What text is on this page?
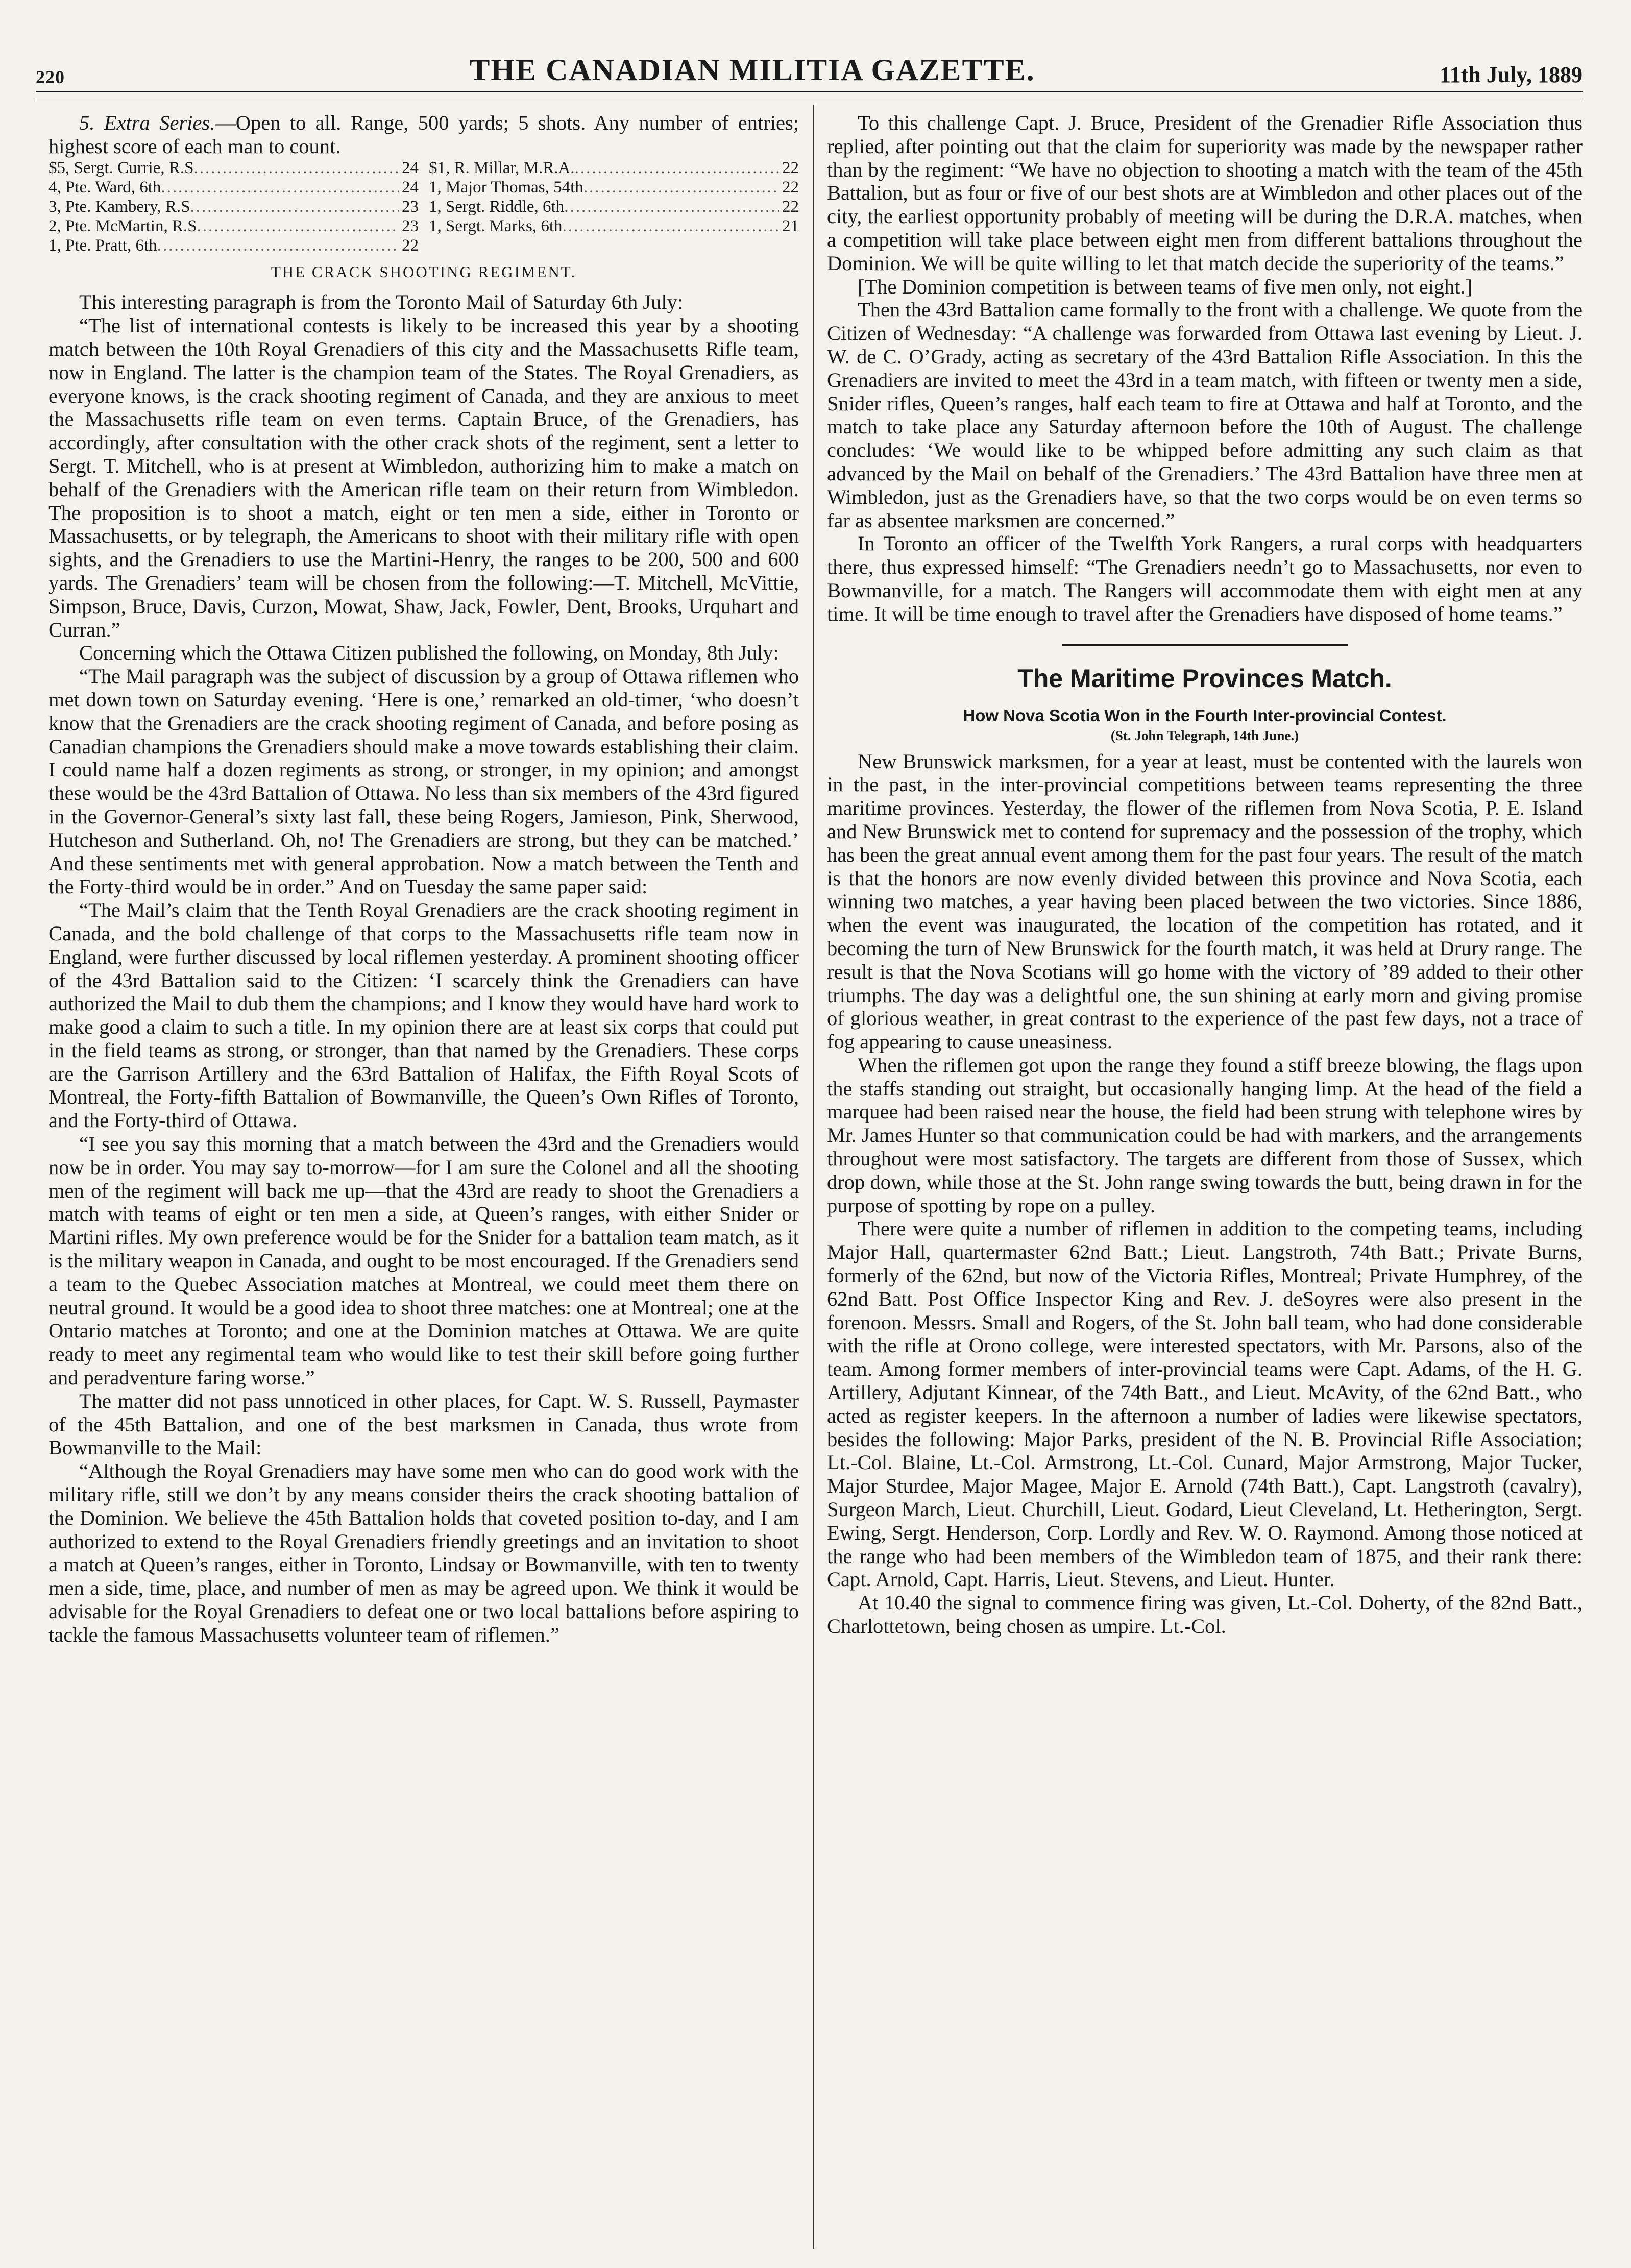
220	THE CANADIAN MILITIA GAZETTE.	11th July, 1889

5. Extra Series.—Open to all. Range, 500 yards; 5 shots. Any number of entries; highest score of each man to count.

$5, Sergt. Currie, R.S .....	24 $1, R. Millar, M.R.A. .....	22
4, Pte. Ward, 6th .....	24 1, Major Thomas, 54th .....	22
3, Pte. Kambery, R.S .....	23 1, Sergt. Riddle, 6th .....	22
2, Pte. McMartin, R.S .....	23 1, Sergt. Marks, 6th .....	21
1, Pte. Pratt, 6th .....	22
THE CRACK SHOOTING REGIMENT.

This interesting paragraph is from the Toronto Mail of Saturday 6th July:

“The list of international contests is likely to be increased this year by a shooting match between the 10th Royal Grenadiers of this city and the Massachusetts Rifle team, now in England. The latter is the champion team of the States. The Royal Grenadiers, as everyone knows, is the crack shooting regiment of Canada, and they are anxious to meet the Massachusetts rifle team on even terms. Captain Bruce, of the Grenadiers, has accordingly, after consultation with the other crack shots of the regiment, sent a letter to Sergt. T. Mitchell, who is at present at Wimbledon, authorizing him to make a match on behalf of the Grenadiers with the American rifle team on their return from Wimbledon. The proposition is to shoot a match, eight or ten men a side, either in Toronto or Massachusetts, or by telegraph, the Americans to shoot with their military rifle with open sights, and the Grenadiers to use the Martini-Henry, the ranges to be 200, 500 and 600 yards. The Grenadiers’ team will be chosen from the following:—T. Mitchell, McVittie, Simpson, Bruce, Davis, Curzon, Mowat, Shaw, Jack, Fowler, Dent, Brooks, Urquhart and Curran.”

Concerning which the Ottawa Citizen published the following, on Monday, 8th July:

“The Mail paragraph was the subject of discussion by a group of Ottawa riflemen who met down town on Saturday evening. ‘Here is one,’ remarked an old-timer, ‘who doesn’t know that the Grenadiers are the crack shooting regiment of Canada, and before posing as Canadian champions the Grenadiers should make a move towards establishing their claim. I could name half a dozen regiments as strong, or stronger, in my opinion; and amongst these would be the 43rd Battalion of Ottawa. No less than six members of the 43rd figured in the Governor-General’s sixty last fall, these being Rogers, Jamieson, Pink, Sherwood, Hutcheson and Sutherland. Oh, no! The Grenadiers are strong, but they can be matched.’ And these sentiments met with general approbation. Now a match between the Tenth and the Forty-third would be in order.” And on Tuesday the same paper said:

“The Mail’s claim that the Tenth Royal Grenadiers are the crack shooting regiment in Canada, and the bold challenge of that corps to the Massachusetts rifle team now in England, were further discussed by local riflemen yesterday. A prominent shooting officer of the 43rd Battalion said to the Citizen: ‘I scarcely think the Grenadiers can have authorized the Mail to dub them the champions; and I know they would have hard work to make good a claim to such a title. In my opinion there are at least six corps that could put in the field teams as strong, or stronger, than that named by the Grenadiers. These corps are the Garrison Artillery and the 63rd Battalion of Halifax, the Fifth Royal Scots of Montreal, the Forty-fifth Battalion of Bowmanville, the Queen’s Own Rifles of Toronto, and the Forty-third of Ottawa.

“I see you say this morning that a match between the 43rd and the Grenadiers would now be in order. You may say to-morrow—for I am sure the Colonel and all the shooting men of the regiment will back me up—that the 43rd are ready to shoot the Grenadiers a match with teams of eight or ten men a side, at Queen’s ranges, with either Snider or Martini rifles. My own preference would be for the Snider for a battalion team match, as it is the military weapon in Canada, and ought to be most encouraged. If the Grenadiers send a team to the Quebec Association matches at Montreal, we could meet them there on neutral ground. It would be a good idea to shoot three matches: one at Montreal; one at the Ontario matches at Toronto; and one at the Dominion matches at Ottawa. We are quite ready to meet any regimental team who would like to test their skill before going further and peradventure faring worse.”

The matter did not pass unnoticed in other places, for Capt. W. S. Russell, Paymaster of the 45th Battalion, and one of the best marksmen in Canada, thus wrote from Bowmanville to the Mail:

“Although the Royal Grenadiers may have some men who can do good work with the military rifle, still we don’t by any means consider theirs the crack shooting battalion of the Dominion. We believe the 45th Battalion holds that coveted position to-day, and I am authorized to extend to the Royal Grenadiers friendly greetings and an invitation to shoot a match at Queen’s ranges, either in Toronto, Lindsay or Bowmanville, with ten to twenty men a side, time, place, and number of men as may be agreed upon. We think it would be advisable for the Royal Grenadiers to defeat one or two local battalions before aspiring to tackle the famous Massachusetts volunteer team of riflemen.”

To this challenge Capt. J. Bruce, President of the Grenadier Rifle Association thus replied, after pointing out that the claim for superiority was made by the newspaper rather than by the regiment: “We have no objection to shooting a match with the team of the 45th Battalion, but as four or five of our best shots are at Wimbledon and other places out of the city, the earliest opportunity probably of meeting will be during the D.R.A. matches, when a competition will take place between eight men from different battalions throughout the Dominion. We will be quite willing to let that match decide the superiority of the teams.”

[The Dominion competition is between teams of five men only, not eight.]

Then the 43rd Battalion came formally to the front with a challenge. We quote from the Citizen of Wednesday: “A challenge was forwarded from Ottawa last evening by Lieut. J. W. de C. O’Grady, acting as secretary of the 43rd Battalion Rifle Association. In this the Grenadiers are invited to meet the 43rd in a team match, with fifteen or twenty men a side, Snider rifles, Queen’s ranges, half each team to fire at Ottawa and half at Toronto, and the match to take place any Saturday afternoon before the 10th of August. The challenge concludes: ‘We would like to be whipped before admitting any such claim as that advanced by the Mail on behalf of the Grenadiers.’ The 43rd Battalion have three men at Wimbledon, just as the Grenadiers have, so that the two corps would be on even terms so far as absentee marksmen are concerned.”

In Toronto an officer of the Twelfth York Rangers, a rural corps with headquarters there, thus expressed himself: “The Grenadiers needn’t go to Massachusetts, nor even to Bowmanville, for a match. The Rangers will accommodate them with eight men at any time. It will be time enough to travel after the Grenadiers have disposed of home teams.”

The Maritime Provinces Match.
How Nova Scotia Won in the Fourth Inter-provincial Contest.
(St. John Telegraph, 14th June.)

New Brunswick marksmen, for a year at least, must be contented with the laurels won in the past, in the inter-provincial competitions between teams representing the three maritime provinces. Yesterday, the flower of the riflemen from Nova Scotia, P. E. Island and New Brunswick met to contend for supremacy and the possession of the trophy, which has been the great annual event among them for the past four years. The result of the match is that the honors are now evenly divided between this province and Nova Scotia, each winning two matches, a year having been placed between the two victories. Since 1886, when the event was inaugurated, the location of the competition has rotated, and it becoming the turn of New Brunswick for the fourth match, it was held at Drury range. The result is that the Nova Scotians will go home with the victory of ’89 added to their other triumphs. The day was a delightful one, the sun shining at early morn and giving promise of glorious weather, in great contrast to the experience of the past few days, not a trace of fog appearing to cause uneasiness.

When the riflemen got upon the range they found a stiff breeze blowing, the flags upon the staffs standing out straight, but occasionally hanging limp. At the head of the field a marquee had been raised near the house, the field had been strung with telephone wires by Mr. James Hunter so that communication could be had with markers, and the arrangements throughout were most satisfactory. The targets are different from those of Sussex, which drop down, while those at the St. John range swing towards the butt, being drawn in for the purpose of spotting by rope on a pulley.

There were quite a number of riflemen in addition to the competing teams, including Major Hall, quartermaster 62nd Batt.; Lieut. Langstroth, 74th Batt.; Private Burns, formerly of the 62nd, but now of the Victoria Rifles, Montreal; Private Humphrey, of the 62nd Batt. Post Office Inspector King and Rev. J. deSoyres were also present in the forenoon. Messrs. Small and Rogers, of the St. John ball team, who had done considerable with the rifle at Orono college, were interested spectators, with Mr. Parsons, also of the team. Among former members of inter-provincial teams were Capt. Adams, of the H. G. Artillery, Adjutant Kinnear, of the 74th Batt., and Lieut. McAvity, of the 62nd Batt., who acted as register keepers. In the afternoon a number of ladies were likewise spectators, besides the following: Major Parks, president of the N. B. Provincial Rifle Association; Lt.-Col. Blaine, Lt.-Col. Armstrong, Lt.-Col. Cunard, Major Armstrong, Major Tucker, Major Sturdee, Major Magee, Major E. Arnold (74th Batt.), Capt. Langstroth (cavalry), Surgeon March, Lieut. Churchill, Lieut. Godard, Lieut Cleveland, Lt. Hetherington, Sergt. Ewing, Sergt. Henderson, Corp. Lordly and Rev. W. O. Raymond. Among those noticed at the range who had been members of the Wimbledon team of 1875, and their rank there: Capt. Arnold, Capt. Harris, Lieut. Stevens, and Lieut. Hunter.

At 10.40 the signal to commence firing was given, Lt.-Col. Doherty, of the 82nd Batt., Charlottetown, being chosen as umpire. Lt.-Col.
